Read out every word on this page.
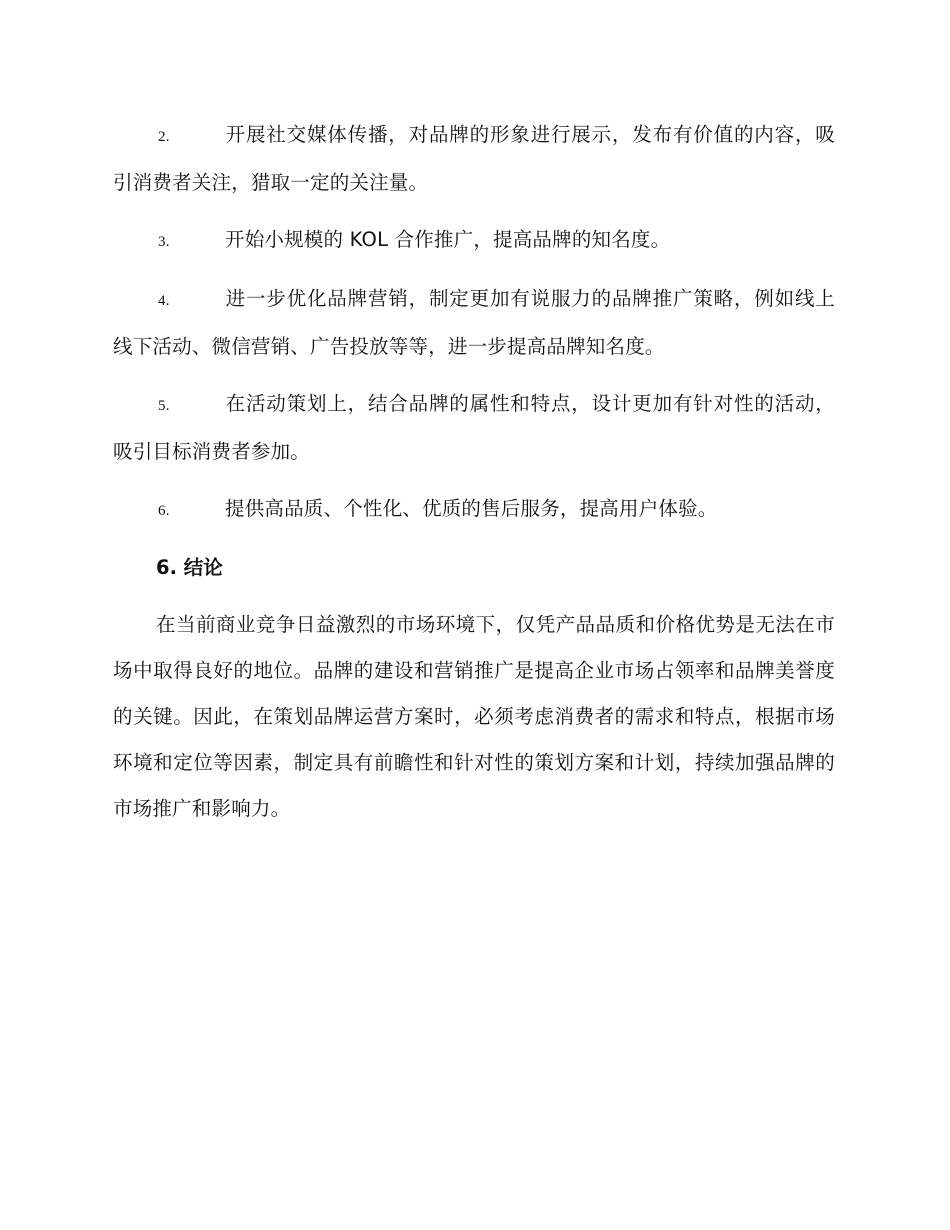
2.	开展社交媒体传播，对品牌的形象进行展示，发布有价值的内容，吸引消费者关注，猎取一定的关注量。
3.	开始小规模的 KOL 合作推广，提高品牌的知名度。
4.	进一步优化品牌营销，制定更加有说服力的品牌推广策略，例如线上线下活动、微信营销、广告投放等等，进一步提高品牌知名度。
5.	在活动策划上，结合品牌的属性和特点，设计更加有针对性的活动，吸引目标消费者参加。
6.	提供高品质、个性化、优质的售后服务，提高用户体验。
6. 结论

在当前商业竞争日益激烈的市场环境下，仅凭产品品质和价格优势是无法在市场中取得良好的地位。品牌的建设和营销推广是提高企业市场占领率和品牌美誉度的关键。因此，在策划品牌运营方案时，必须考虑消费者的需求和特点，根据市场环境和定位等因素，制定具有前瞻性和针对性的策划方案和计划，持续加强品牌的市场推广和影响力。
